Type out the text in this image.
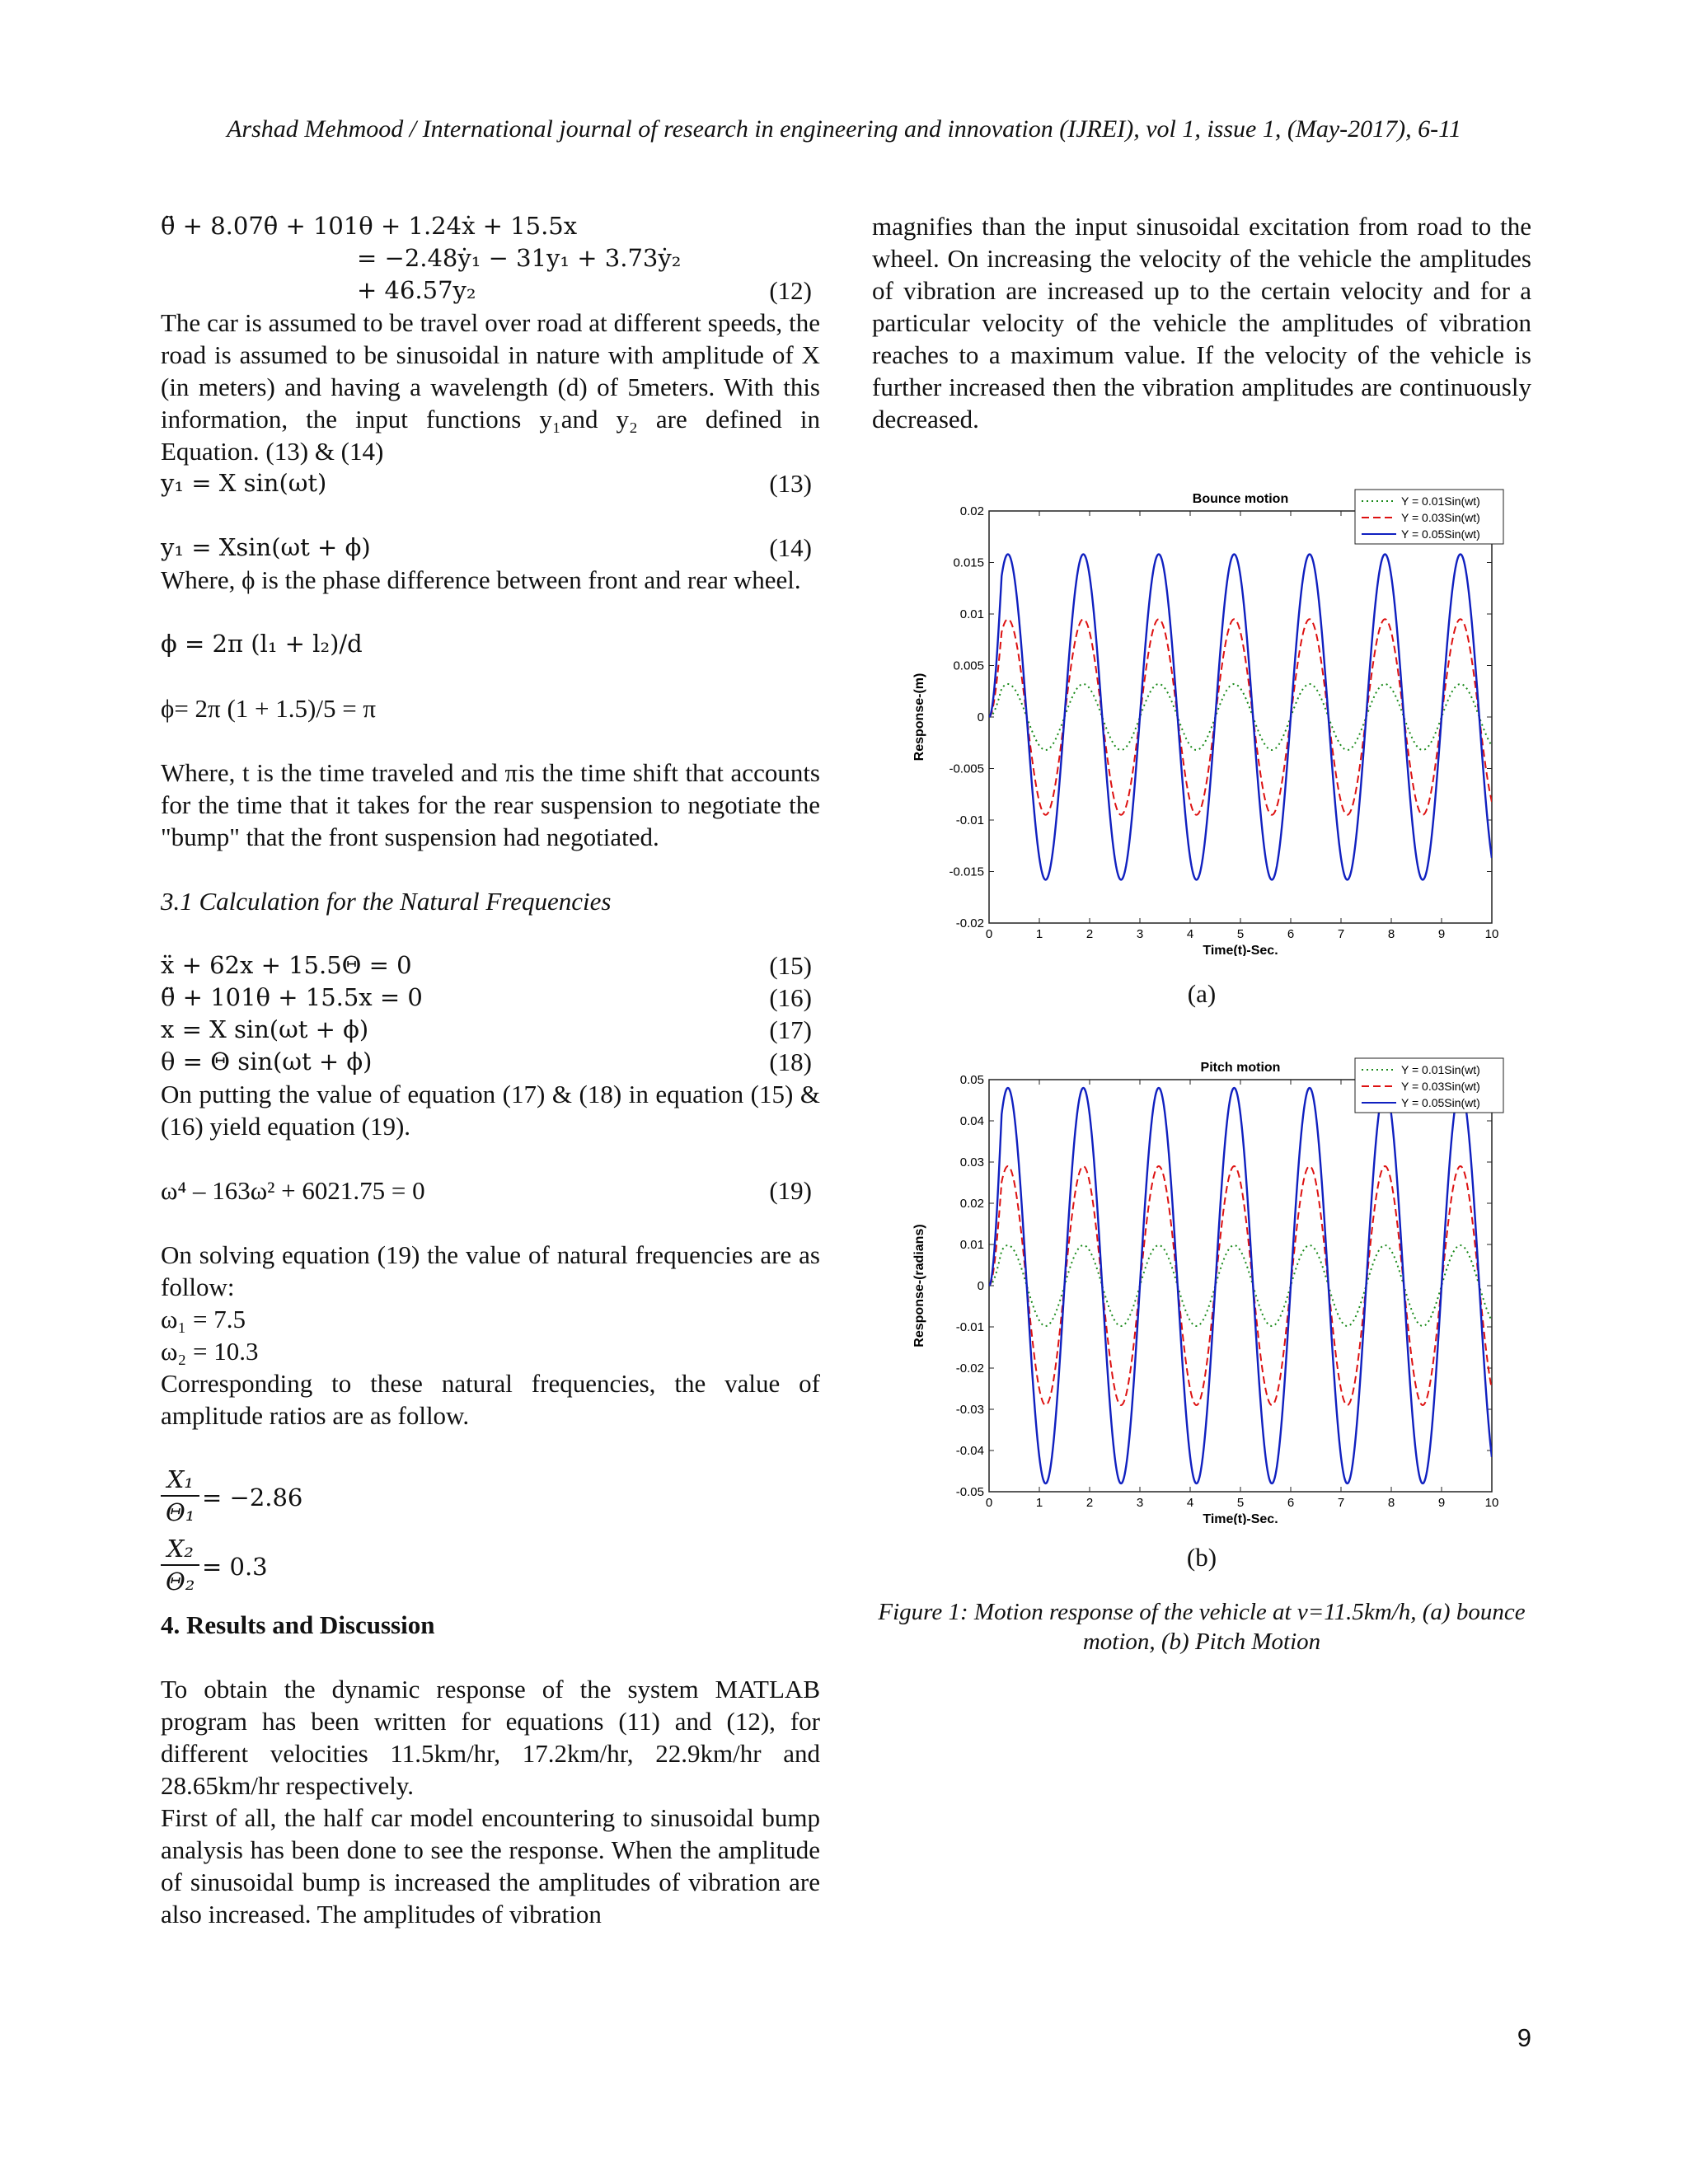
Arshad Mehmood / International journal of research in engineering and innovation (IJREI), vol 1, issue 1, (May-2017), 6-11
θ̈ + 8.07θ̇ + 101θ + 1.24ẋ + 15.5x
= −2.48ẏ₁ − 31y₁ + 3.73ẏ₂
+ 46.57y₂	(12)
The car is assumed to be travel over road at different speeds, the road is assumed to be sinusoidal in nature with amplitude of X (in meters) and having a wavelength (d) of 5meters. With this information, the input functions y₁and y₂ are defined in Equation. (13) & (14)
y₁ = X sin(ωt)	(13)
y₁ = Xsin(ωt + ϕ)	(14)
Where, ϕ is the phase difference between front and rear wheel.
ϕ = 2π (l₁ + l₂)/d
ϕ= 2π (1 + 1.5)/5 = π
Where, t is the time traveled and πis the time shift that accounts for the time that it takes for the rear suspension to negotiate the "bump" that the front suspension had negotiated.
3.1 Calculation for the Natural Frequencies
ẍ + 62x + 15.5Θ = 0	(15)
θ̈ + 101θ + 15.5x = 0	(16)
x = X sin(ωt + ϕ)	(17)
θ = Θ sin(ωt + ϕ)	(18)
On putting the value of equation (17) & (18) in equation (15) & (16) yield equation (19).
ω⁴ – 163ω² + 6021.75 = 0	(19)
On solving equation (19) the value of natural frequencies are as follow:
ω₁ = 7.5
ω₂ = 10.3
Corresponding to these natural frequencies, the value of amplitude ratios are as follow.
$\frac{\text{X₁}}{\text{Θ₁}} = -2.86$
$\frac{\text{X₂}}{\text{Θ₂}} = 0.3$
4. Results and Discussion
To obtain the dynamic response of the system MATLAB program has been written for equations (11) and (12), for different velocities 11.5km/hr, 17.2km/hr, 22.9km/hr and 28.65km/hr respectively.
First of all, the half car model encountering to sinusoidal bump analysis has been done to see the response. When the amplitude of sinusoidal bump is increased the amplitudes of vibration are also increased. The amplitudes of vibration
magnifies than the input sinusoidal excitation from road to the wheel. On increasing the velocity of the vehicle the amplitudes of vibration are increased up to the certain velocity and for a particular velocity of the vehicle the amplitudes of vibration reaches to a maximum value. If the velocity of the vehicle is further increased then the vibration amplitudes are continuously decreased.
Bounce motion
0	1	2	3	4	5	6	7	8	9	10
-0.02
-0.015
-0.01
-0.005
0
0.005
0.01
0.015
0.02
Time(t)-Sec.
Response-(m)
Y = 0.01Sin(wt)
Y = 0.03Sin(wt)
Y = 0.05Sin(wt)
(a)
Pitch motion
0	1	2	3	4	5	6	7	8	9	10
-0.05
-0.04
-0.03
-0.02
-0.01
0
0.01
0.02
0.03
0.04
0.05
Time(t)-Sec.
Response-(radians)
Y = 0.01Sin(wt)
Y = 0.03Sin(wt)
Y = 0.05Sin(wt)
(b)
Figure 1: Motion response of the vehicle at v=11.5km/h, (a) bounce motion, (b) Pitch Motion
9
